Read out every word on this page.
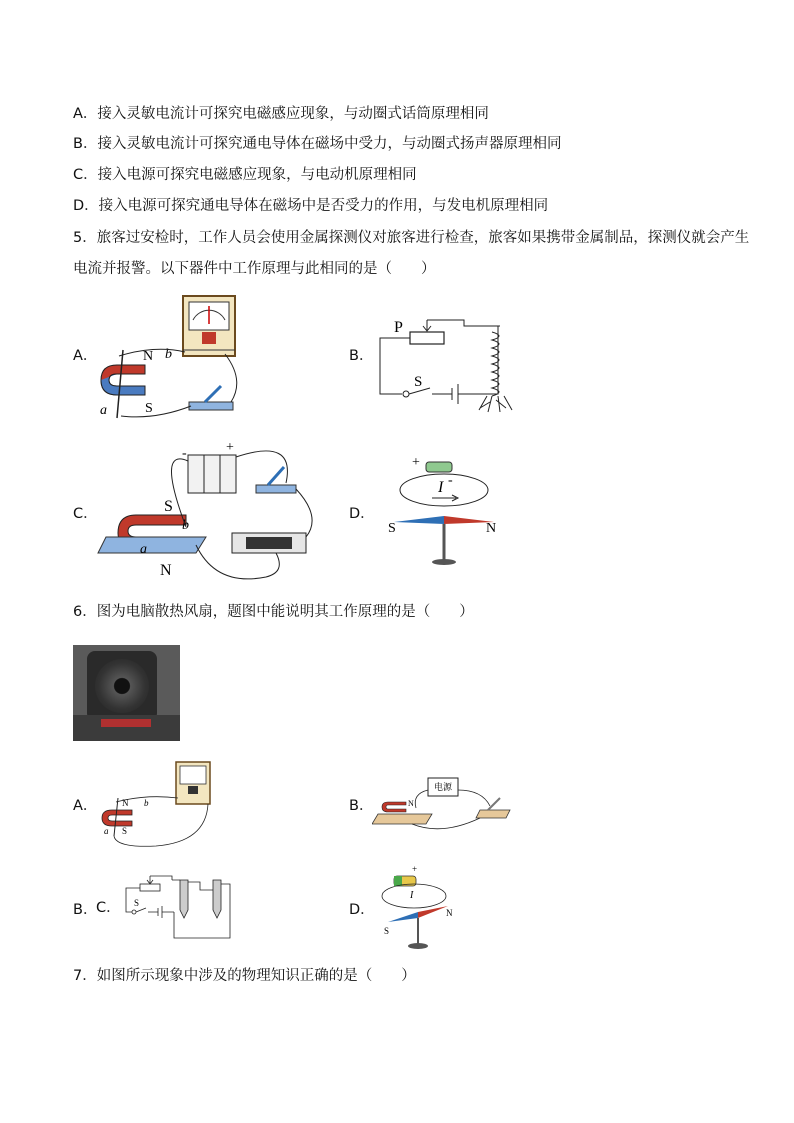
A．接入灵敏电流计可探究电磁感应现象，与动圈式话筒原理相同
B．接入灵敏电流计可探究通电导体在磁场中受力，与动圈式扬声器原理相同
C．接入电源可探究电磁感应现象，与电动机原理相同
D．接入电源可探究通电导体在磁场中是否受力的作用，与发电机原理相同
5．旅客过安检时，工作人员会使用金属探测仪对旅客进行检查，旅客如果携带金属制品，探测仪就会产生
电流并报警。以下器件中工作原理与此相同的是（　　）
A．	N b
a	S
B．
P
S
C．
-	+
S
b
a
N
D．
+
-
I
S	N
6．图为电脑散热风扇，题图中能说明其工作原理的是（　　）
A．	N b
a S
B．
电源
N
B．
C． S	D．
+
I
S
N
7．如图所示现象中涉及的物理知识正确的是（　　）
